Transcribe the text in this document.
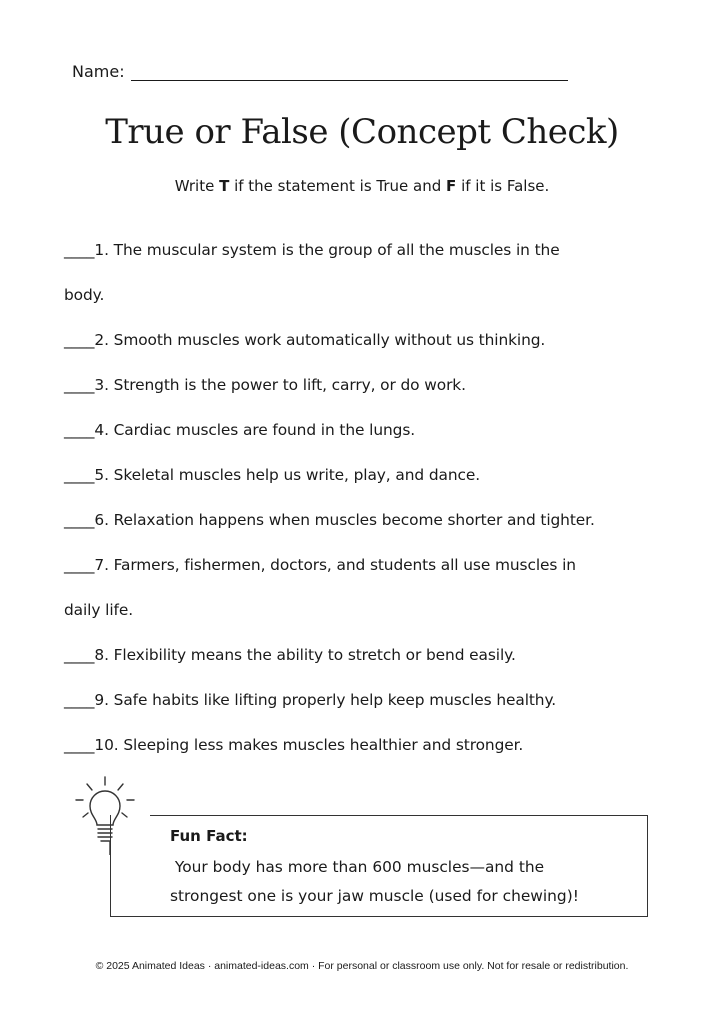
Name:
True or False (Concept Check)
Write T if the statement is True and F if it is False.
____1. The muscular system is the group of all the muscles in the
body.
____2. Smooth muscles work automatically without us thinking.
____3. Strength is the power to lift, carry, or do work.
____4. Cardiac muscles are found in the lungs.
____5. Skeletal muscles help us write, play, and dance.
____6. Relaxation happens when muscles become shorter and tighter.
____7. Farmers, fishermen, doctors, and students all use muscles in
daily life.
____8. Flexibility means the ability to stretch or bend easily.
____9. Safe habits like lifting properly help keep muscles healthy.
____10. Sleeping less makes muscles healthier and stronger.
Fun Fact:
Your body has more than 600 muscles—and the
strongest one is your jaw muscle (used for chewing)!
© 2025 Animated Ideas · animated-ideas.com · For personal or classroom use only. Not for resale or redistribution.
